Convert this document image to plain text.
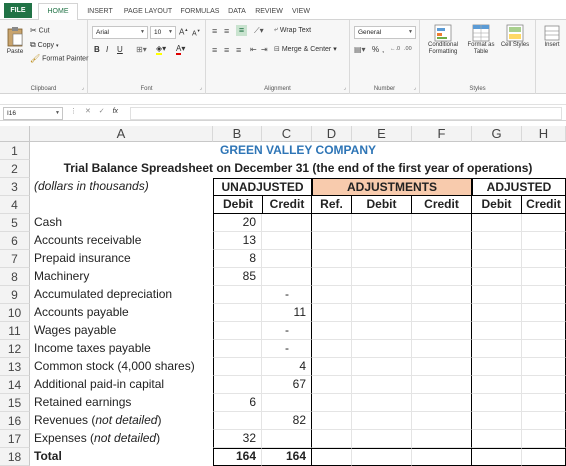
FILE	HOME	INSERT	PAGE LAYOUT	FORMULAS	DATA	REVIEW	VIEW
Paste
✂ Cut
⧉ Copy ▾
🖌 Format Painter
Clipboard	⌟
Arial	▼	10 ▼ A▲
A▼
B I U ⊞▾ ◈▾ A▾
Font	⌟
≡ ≡	≡	⟋▾ ⤶ Wrap Text
≡ ≡ ≡ ⇤ ⇥ ⊟ Merge & Center ▾
Alignment	⌟
General	▼
▤▾ % , ←.0 .00
Number	⌟
Conditional Formatting
Format as Table
Cell Styles
Styles
Insert
I16	▼ ⋮ ✕ ✓ fx
A	B	C	D	E	F	G	H
1
2
3
4
GREEN VALLEY COMPANY
Trial Balance Spreadsheet on December 31 (the end of the first year of operations)
(dollars in thousands)	UNADJUSTED	ADJUSTMENTS	ADJUSTED
Debit	Credit	Ref.	Debit	Credit	Debit	Credit
5	Cash	20
6	Accounts receivable	13
7	Prepaid insurance	8
8	Machinery	85
9	Accumulated depreciation	-
10	Accounts payable	11
11	Wages payable	-
12	Income taxes payable	-
13	Common stock (4,000 shares)	4
14	Additional paid-in capital	67
15	Retained earnings	6
16	Revenues (not detailed)	82
17	Expenses (not detailed)	32
18	Total	164	164
